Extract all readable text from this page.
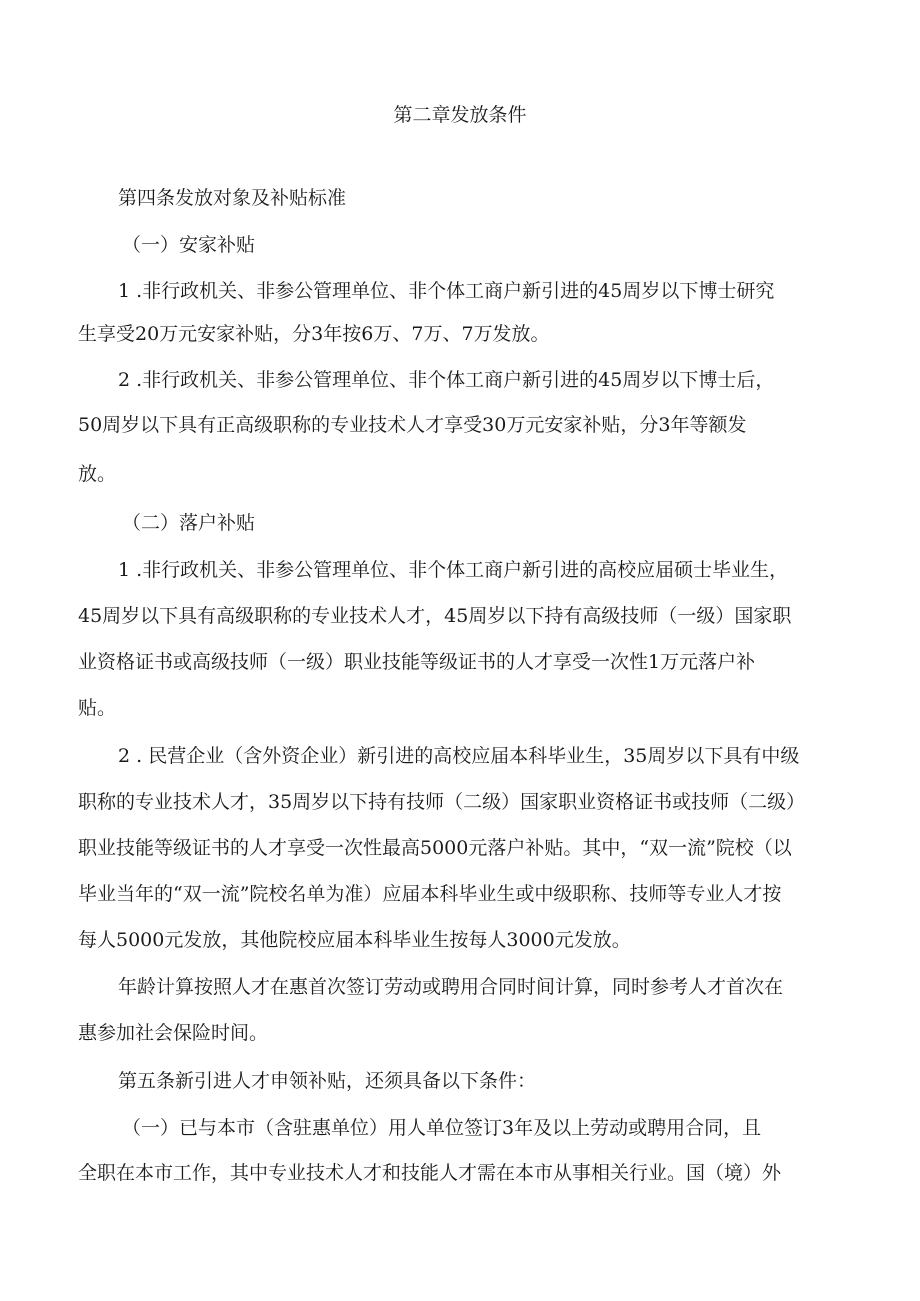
第二章发放条件
第四条发放对象及补贴标准
（一）安家补贴
1 .非行政机关、非参公管理单位、非个体工商户新引进的45周岁以下博士研究
生享受20万元安家补贴，分3年按6万、7万、7万发放。
2 .非行政机关、非参公管理单位、非个体工商户新引进的45周岁以下博士后，
50周岁以下具有正高级职称的专业技术人才享受30万元安家补贴，分3年等额发
放。
（二）落户补贴
1 .非行政机关、非参公管理单位、非个体工商户新引进的高校应届硕士毕业生，
45周岁以下具有高级职称的专业技术人才，45周岁以下持有高级技师（一级）国家职
业资格证书或高级技师（一级）职业技能等级证书的人才享受一次性1万元落户补
贴。
2 . 民营企业（含外资企业）新引进的高校应届本科毕业生，35周岁以下具有中级
职称的专业技术人才，35周岁以下持有技师（二级）国家职业资格证书或技师（二级）
职业技能等级证书的人才享受一次性最高5000元落户补贴。其中，“双一流”院校（以
毕业当年的“双一流”院校名单为准）应届本科毕业生或中级职称、技师等专业人才按
每人5000元发放，其他院校应届本科毕业生按每人3000元发放。
年龄计算按照人才在惠首次签订劳动或聘用合同时间计算，同时参考人才首次在
惠参加社会保险时间。
第五条新引进人才申领补贴，还须具备以下条件：
（一）已与本市（含驻惠单位）用人单位签订3年及以上劳动或聘用合同，且
全职在本市工作，其中专业技术人才和技能人才需在本市从事相关行业。国（境）外
